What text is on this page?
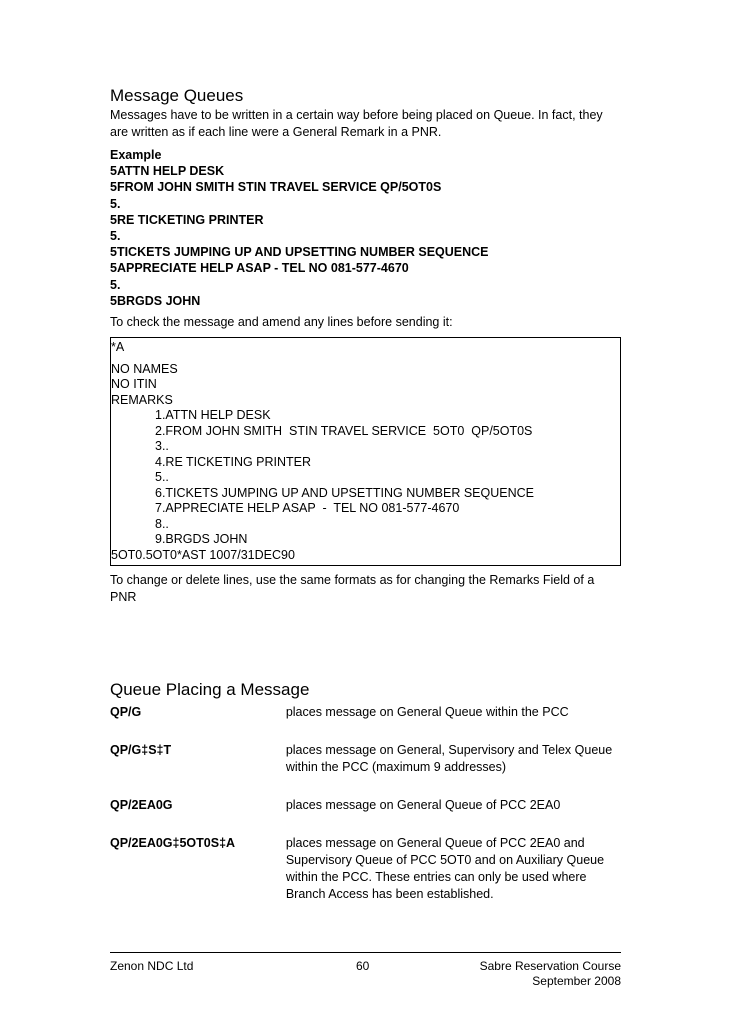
Message Queues

Messages have to be written in a certain way before being placed on Queue. In fact, they are written as if each line were a General Remark in a PNR.

Example
5ATTN HELP DESK
5FROM JOHN SMITH STIN TRAVEL SERVICE QP/5OT0S
5.
5RE TICKETING PRINTER
5.
5TICKETS JUMPING UP AND UPSETTING NUMBER SEQUENCE
5APPRECIATE HELP ASAP - TEL NO 081-577-4670
5.
5BRGDS JOHN

To check the message and amend any lines before sending it:

*A
NO NAMES
NO ITIN
REMARKS
1.ATTN HELP DESK
2.FROM JOHN SMITH  STIN TRAVEL SERVICE  5OT0  QP/5OT0S
3..
4.RE TICKETING PRINTER
5..
6.TICKETS JUMPING UP AND UPSETTING NUMBER SEQUENCE
7.APPRECIATE HELP ASAP  -  TEL NO 081-577-4670
8..
9.BRGDS JOHN
5OT0.5OT0*AST 1007/31DEC90

To change or delete lines, use the same formats as for changing the Remarks Field of a PNR

Queue Placing a Message
QP/G	places message on General Queue within the PCC

QP/G‡S‡T	places message on General, Supervisory and Telex Queue within the PCC (maximum 9 addresses)

QP/2EA0G	places message on General Queue of PCC 2EA0

QP/2EA0G‡5OT0S‡A	places message on General Queue of PCC 2EA0 and Supervisory Queue of PCC 5OT0 and on Auxiliary Queue within the PCC. These entries can only be used where Branch Access has been established.
Zenon NDC Ltd	60	Sabre Reservation Course
September 2008
